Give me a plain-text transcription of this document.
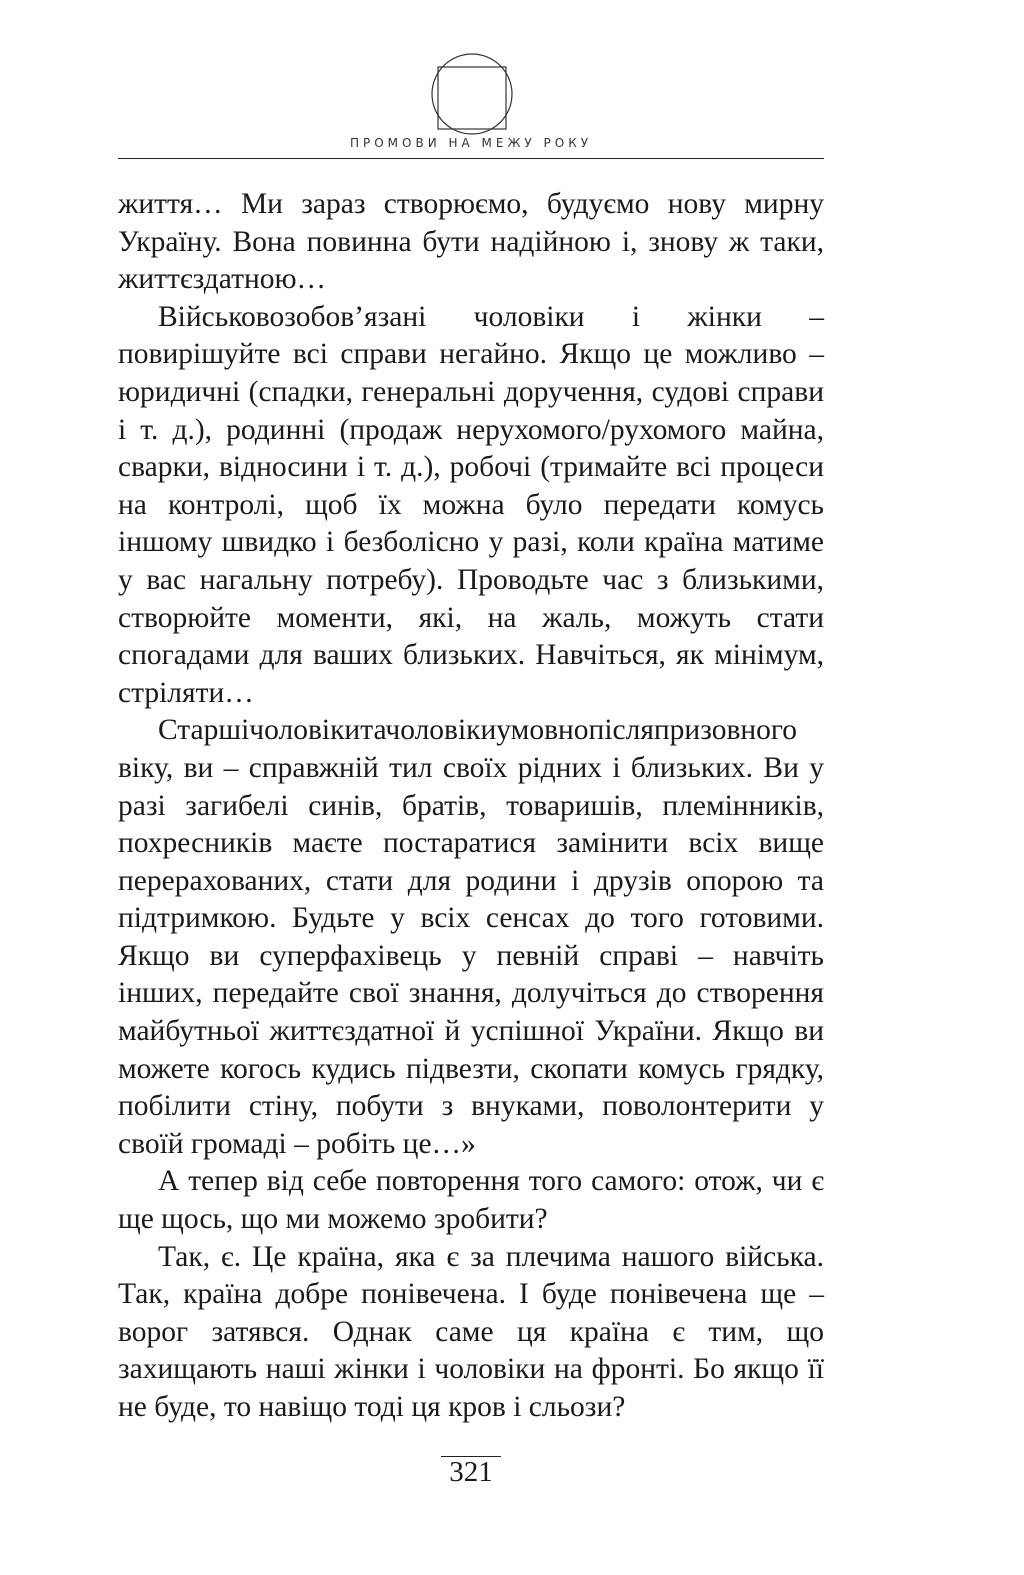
ПРОМОВИ НА МЕЖУ РОКУ

життя… Ми зараз створюємо, будуємо нову мирну Україну. Вона повинна бути надійною і, знову ж таки, життєздатною…

Військовозобов’язані чоловіки і жінки – повирішуйте всі справи негайно. Якщо це можливо – юридичні (спадки, генеральні доручення, судові справи і т. д.), родинні (продаж нерухомого/рухомого майна, сварки, відносини і т. д.), робочі (тримайте всі процеси на контролі, щоб їх можна було передати комусь іншому швидко і безболісно у разі, коли країна матиме у вас нагальну потребу). Проводьте час з близькими, створюйте моменти, які, на жаль, можуть стати спогадами для ваших близьких. Навчіться, як мінімум, стріляти…

Старшічоловікитачоловікиумовнопісляпризовного віку, ви – справжній тил своїх рідних і близьких. Ви у разі загибелі синів, братів, товаришів, племінників, похресників маєте постаратися замінити всіх вище перерахованих, стати для родини і друзів опорою та підтримкою. Будьте у всіх сенсах до того готовими. Якщо ви суперфахівець у певній справі – навчіть інших, передайте свої знання, долучіться до створення майбутньої життєздатної й успішної України. Якщо ви можете когось кудись підвезти, скопати комусь грядку, побілити стіну, побути з внуками, поволонтерити у своїй громаді – робіть це…»

А тепер від себе повторення того самого: отож, чи є ще щось, що ми можемо зробити?

Так, є. Це країна, яка є за плечима нашого війська. Так, країна добре понівечена. І буде понівечена ще – ворог затявся. Однак саме ця країна є тим, що захищають наші жінки і чоловіки на фронті. Бо якщо її не буде, то навіщо тоді ця кров і сльози?

321
